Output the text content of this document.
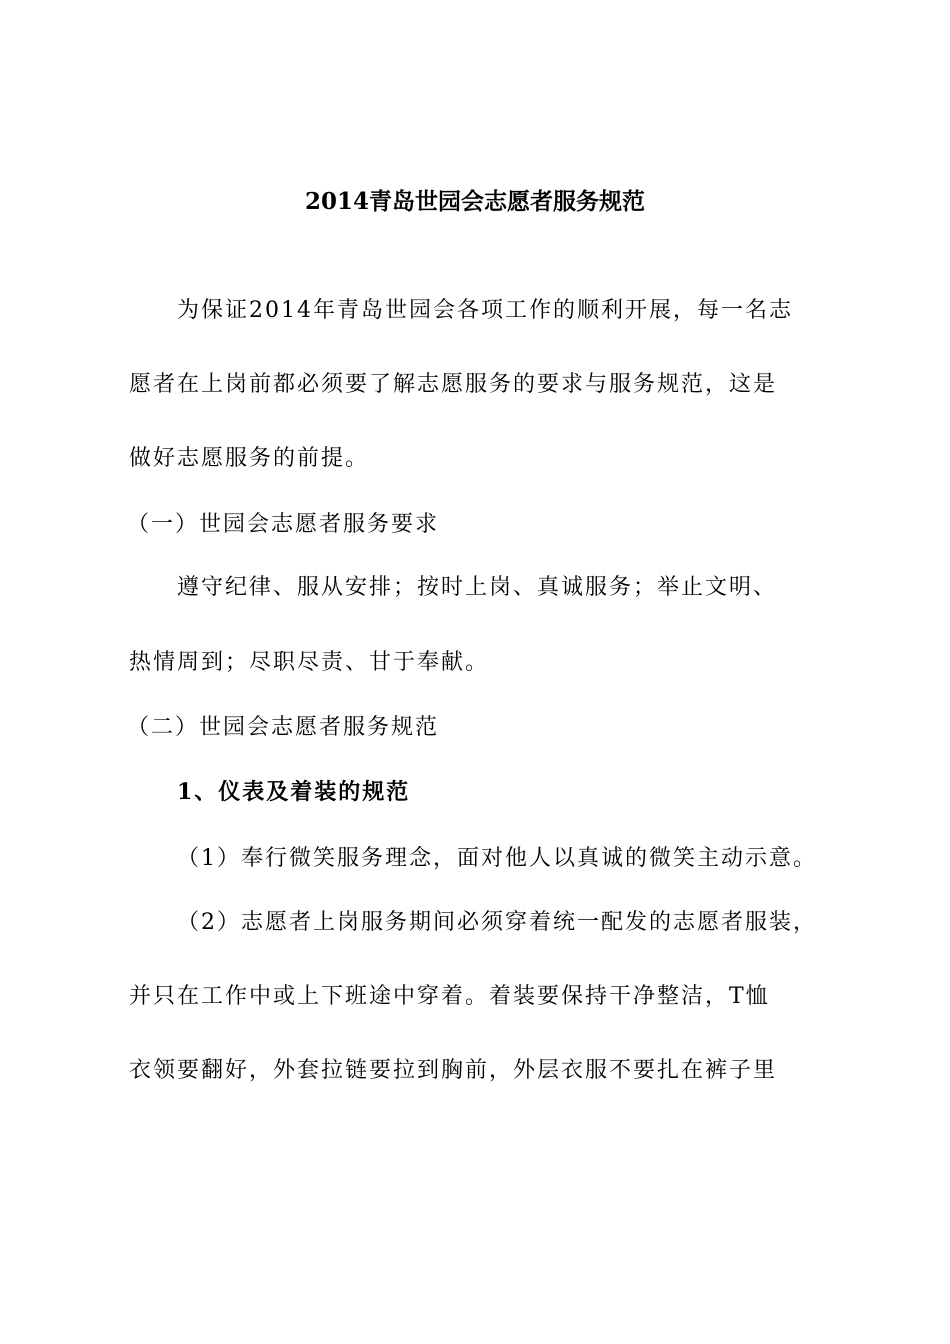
2014青岛世园会志愿者服务规范
为保证2014年青岛世园会各项工作的顺利开展，每一名志
愿者在上岗前都必须要了解志愿服务的要求与服务规范，这是
做好志愿服务的前提。
（一）世园会志愿者服务要求
遵守纪律、服从安排；按时上岗、真诚服务；举止文明、
热情周到；尽职尽责、甘于奉献。
（二）世园会志愿者服务规范
1、仪表及着装的规范
（1）奉行微笑服务理念，面对他人以真诚的微笑主动示意。
（2）志愿者上岗服务期间必须穿着统一配发的志愿者服装，
并只在工作中或上下班途中穿着。着装要保持干净整洁，T恤
衣领要翻好，外套拉链要拉到胸前，外层衣服不要扎在裤子里
